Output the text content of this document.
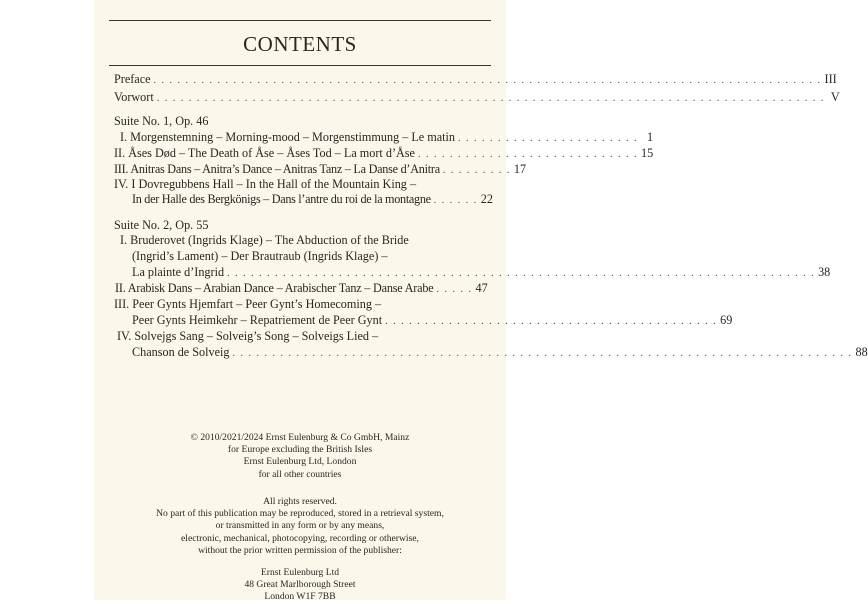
CONTENTS
Preface . . . . . . . . . . . . . . . . . . . . . . . . . . . . . . . . . . . . . . . . . . . . . . . . . . . . . . . . . . . . . . . . . . . . . . . . . . . . . . . . . . . . III
Vorwort . . . . . . . . . . . . . . . . . . . . . . . . . . . . . . . . . . . . . . . . . . . . . . . . . . . . . . . . . . . . . . . . . . . . . . . . . . . . . . . . . . . . V
Suite No. 1, Op. 46
I. Morgenstemning – Morning-mood – Morgenstimmung – Le matin . . . . . . . . . . . . . . . . . . . . . . . 1
II. Åses Død – The Death of Åse – Åses Tod – La mort d’Åse . . . . . . . . . . . . . . . . . . . . . . . . . . . . 15
III. Anitras Dans – Anitra’s Dance – Anitras Tanz – La Danse d’Anitra . . . . . . . . . 17
IV. I Dovregubbens Hall – In the Hall of the Mountain King –
In der Halle des Bergkönigs – Dans l’antre du roi de la montagne . . . . . . 22
Suite No. 2, Op. 55
I. Bruderovet (Ingrids Klage) – The Abduction of the Bride
(Ingrid’s Lament) – Der Brautraub (Ingrids Klage) –
La plainte d’Ingrid . . . . . . . . . . . . . . . . . . . . . . . . . . . . . . . . . . . . . . . . . . . . . . . . . . . . . . . . . . . . . . . . . . . . . . . . . . 38
II. Arabisk Dans – Arabian Dance – Arabischer Tanz – Danse Arabe . . . . . 47
III. Peer Gynts Hjemfart – Peer Gynt’s Homecoming –
Peer Gynts Heimkehr – Repatriement de Peer Gynt . . . . . . . . . . . . . . . . . . . . . . . . . . . . . . . . . . . . . . . . . . 69
IV. Solvejgs Sang – Solveig’s Song – Solveigs Lied –
Chanson de Solveig . . . . . . . . . . . . . . . . . . . . . . . . . . . . . . . . . . . . . . . . . . . . . . . . . . . . . . . . . . . . . . . . . . . . . . . . . . . . . . 88
© 2010/2021/2024 Ernst Eulenburg & Co GmbH, Mainz
for Europe excluding the British Isles
Ernst Eulenburg Ltd, London
for all other countries
All rights reserved.
No part of this publication may be reproduced, stored in a retrieval system,
or transmitted in any form or by any means,
electronic, mechanical, photocopying, recording or otherwise,
without the prior written permission of the publisher:
Ernst Eulenburg Ltd
48 Great Marlborough Street
London W1F 7BB
